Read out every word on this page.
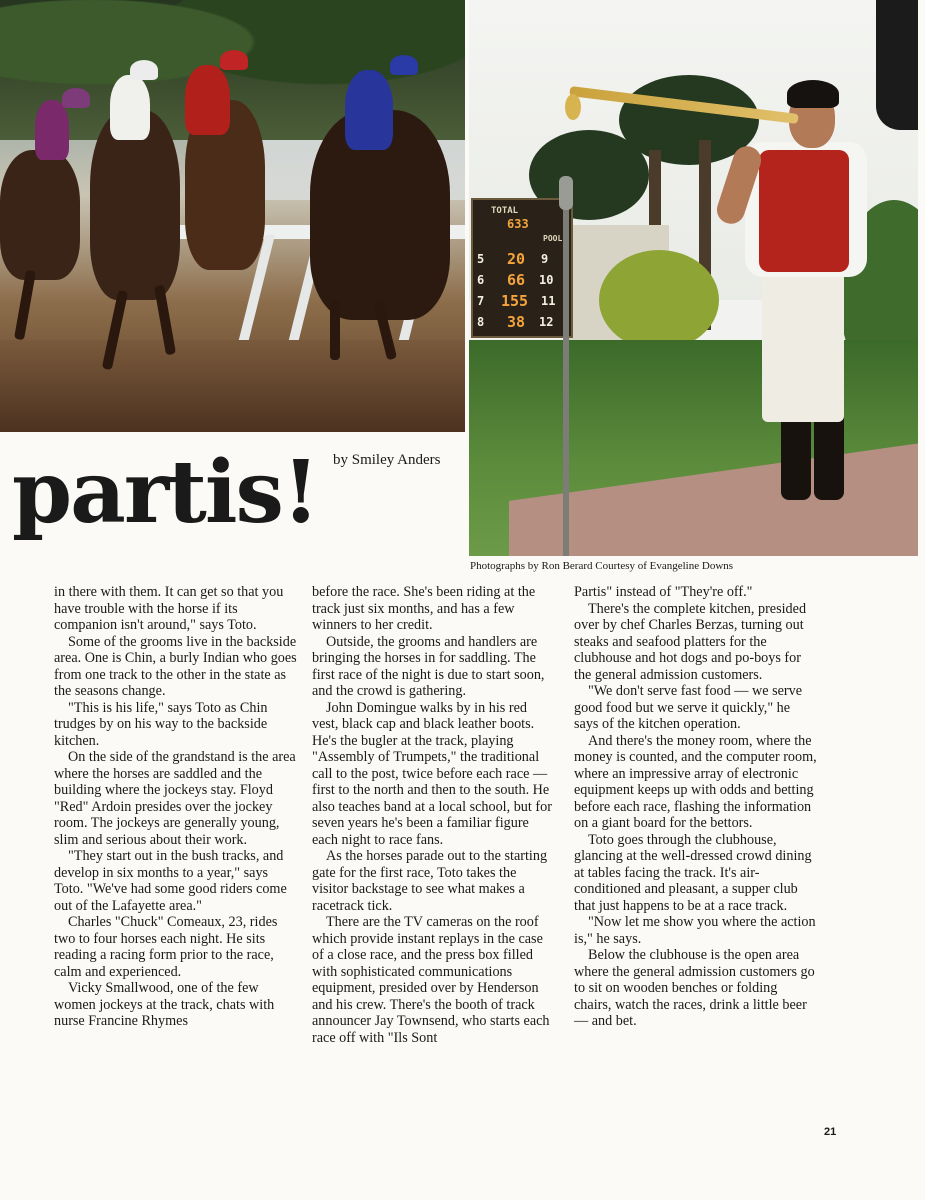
TOTAL
633
POOL
5 20 9
6 66 10
7 155 11
8 38 12
by Smiley Anders
partis!
Photographs by Ron Berard Courtesy of Evangeline Downs

in there with them. It can get so that you have trouble with the horse if its companion isn't around," says Toto.

Some of the grooms live in the backside area. One is Chin, a burly Indian who goes from one track to the other in the state as the seasons change.

"This is his life," says Toto as Chin trudges by on his way to the backside kitchen.

On the side of the grandstand is the area where the horses are saddled and the building where the jockeys stay. Floyd "Red" Ardoin presides over the jockey room. The jockeys are generally young, slim and serious about their work.

"They start out in the bush tracks, and develop in six months to a year," says Toto. "We've had some good riders come out of the Lafayette area."

Charles "Chuck" Comeaux, 23, rides two to four horses each night. He sits reading a racing form prior to the race, calm and experienced.

Vicky Smallwood, one of the few women jockeys at the track, chats with nurse Francine Rhymes

before the race. She's been riding at the track just six months, and has a few winners to her credit.

Outside, the grooms and handlers are bringing the horses in for saddling. The first race of the night is due to start soon, and the crowd is gathering.

John Domingue walks by in his red vest, black cap and black leather boots. He's the bugler at the track, playing "Assembly of Trumpets," the traditional call to the post, twice before each race — first to the north and then to the south. He also teaches band at a local school, but for seven years he's been a familiar figure each night to race fans.

As the horses parade out to the starting gate for the first race, Toto takes the visitor backstage to see what makes a racetrack tick.

There are the TV cameras on the roof which provide instant replays in the case of a close race, and the press box filled with sophisticated communications equipment, presided over by Henderson and his crew. There's the booth of track announcer Jay Townsend, who starts each race off with "Ils Sont

Partis" instead of "They're off."

There's the complete kitchen, presided over by chef Charles Berzas, turning out steaks and seafood platters for the clubhouse and hot dogs and po-boys for the general admission customers.

"We don't serve fast food — we serve good food but we serve it quickly," he says of the kitchen operation.

And there's the money room, where the money is counted, and the computer room, where an impressive array of electronic equipment keeps up with odds and betting before each race, flashing the information on a giant board for the bettors.

Toto goes through the clubhouse, glancing at the well-dressed crowd dining at tables facing the track. It's air-conditioned and pleasant, a supper club that just happens to be at a race track.

"Now let me show you where the action is," he says.

Below the clubhouse is the open area where the general admission customers go to sit on wooden benches or folding chairs, watch the races, drink a little beer — and bet.

21
